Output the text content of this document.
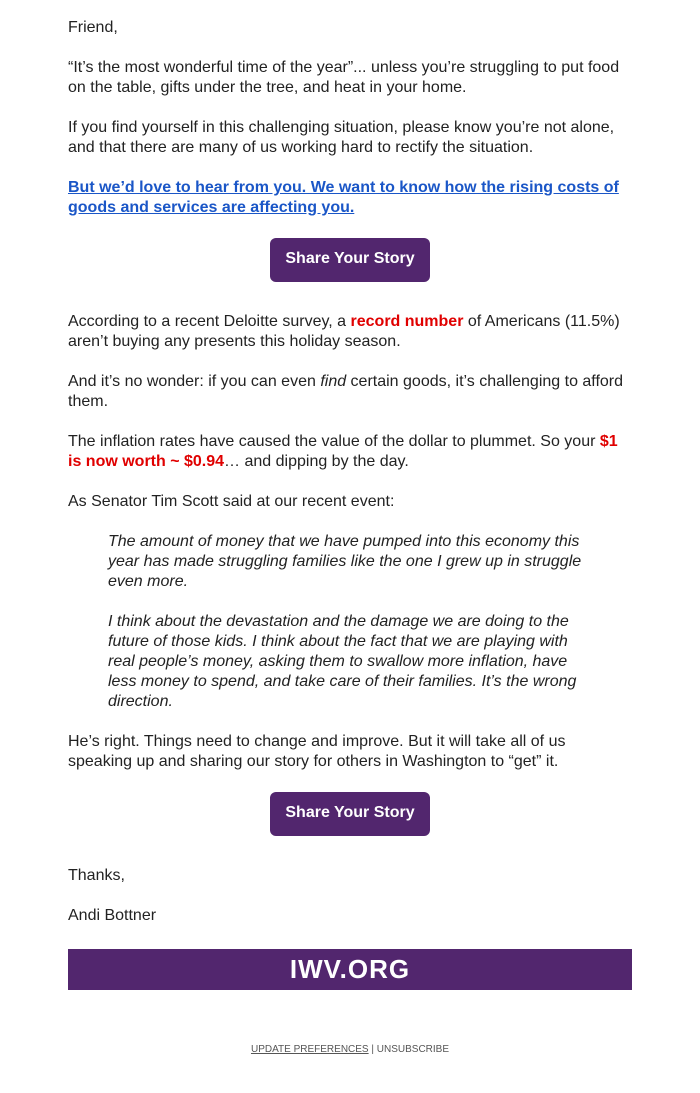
Friend,

“It’s the most wonderful time of the year”... unless you’re struggling to put food on the table, gifts under the tree, and heat in your home.

If you find yourself in this challenging situation, please know you’re not alone, and that there are many of us working hard to rectify the situation.

But we’d love to hear from you. We want to know how the rising costs of goods and services are affecting you.

Share Your Story

According to a recent Deloitte survey, a record number of Americans (11.5%) aren’t buying any presents this holiday season.

And it’s no wonder: if you can even find certain goods, it’s challenging to afford them.

The inflation rates have caused the value of the dollar to plummet. So your $1 is now worth ~ $0.94… and dipping by the day.

As Senator Tim Scott said at our recent event:

The amount of money that we have pumped into this economy this year has made struggling families like the one I grew up in struggle even more.

I think about the devastation and the damage we are doing to the future of those kids. I think about the fact that we are playing with real people’s money, asking them to swallow more inflation, have less money to spend, and take care of their families. It’s the wrong direction.

He’s right. Things need to change and improve. But it will take all of us speaking up and sharing our story for others in Washington to “get” it.

Share Your Story

Thanks,

Andi Bottner

IWV.ORG
UPDATE PREFERENCES | UNSUBSCRIBE
